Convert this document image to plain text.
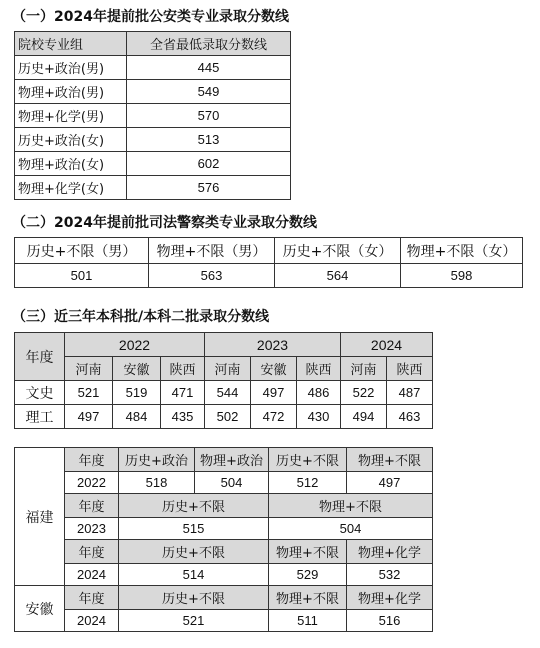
（一）2024年提前批公安类专业录取分数线
院校专业组	全省最低录取分数线
历史+政治(男)	445
物理+政治(男)	549
物理+化学(男)	570
历史+政治(女)	513
物理+政治(女)	602
物理+化学(女)	576
（二）2024年提前批司法警察类专业录取分数线
历史+不限（男）	物理+不限（男）	历史+不限（女）	物理+不限（女）
501	563	564	598
（三）近三年本科批/本科二批录取分数线
年度	2022			2023			2024	
	河南	安徽	陕西	河南	安徽	陕西	河南	陕西
文史	521	519	471	544	497	486	522	487
理工	497	484	435	502	472	430	494	463
福建	年度	历史+政治	物理+政治	历史+不限	物理+不限
	2022	518	504	512	497
	年度	历史+不限		物理+不限	
	2023	515		504	
	年度	历史+不限		物理+不限	物理+化学
	2024	514		529	532
安徽	年度	历史+不限		物理+不限	物理+化学
	2024	521		511	516
